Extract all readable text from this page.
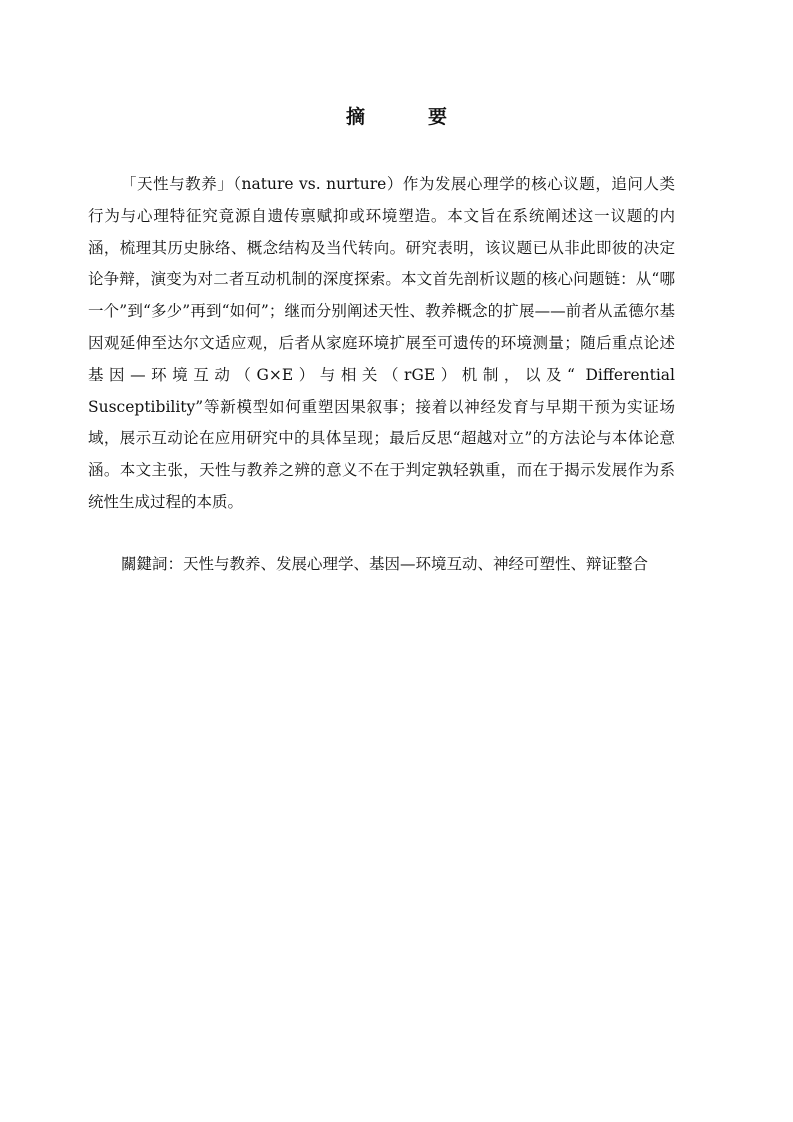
摘　要

「天性与教养」（nature vs. nurture）作为发展心理学的核心议题，追问人类行为与心理特征究竟源自遗传禀赋抑或环境塑造。本文旨在系统阐述这一议题的内涵，梳理其历史脉络、概念结构及当代转向。研究表明，该议题已从非此即彼的决定论争辩，演变为对二者互动机制的深度探索。本文首先剖析议题的核心问题链：从“哪一个”到“多少”再到“如何”；继而分别阐述天性、教养概念的扩展——前者从孟德尔基因观延伸至达尔文适应观，后者从家庭环境扩展至可遗传的环境测量；随后重点论述基因—环境互动（G×E）与相关（rGE）机制，以及“ Differential Susceptibility”等新模型如何重塑因果叙事；接着以神经发育与早期干预为实证场域，展示互动论在应用研究中的具体呈现；最后反思“超越对立”的方法论与本体论意涵。本文主张，天性与教养之辨的意义不在于判定孰轻孰重，而在于揭示发展作为系统性生成过程的本质。

關鍵詞：天性与教养、发展心理学、基因—环境互动、神经可塑性、辩证整合
